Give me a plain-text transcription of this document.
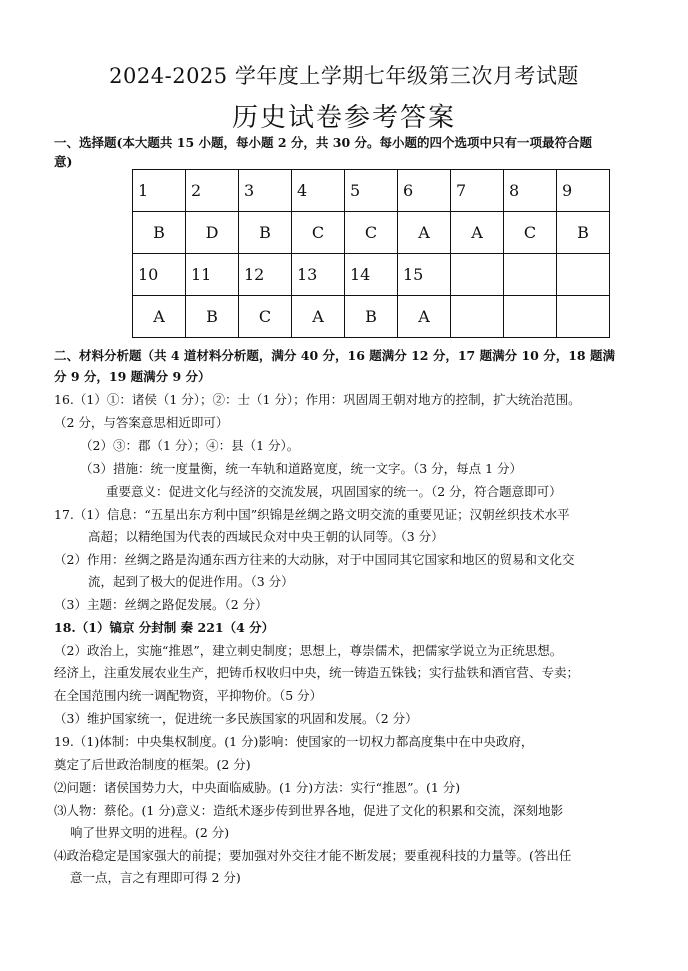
2024-2025 学年度上学期七年级第三次月考试题
历史试卷参考答案
一、选择题(本大题共 15 小题，每小题 2 分，共 30 分。每小题的四个选项中只有一项最符合题
意)
1	2	3	4	5	6	7	8	9
B	D	B	C	C	A	A	C	B
10	11	12	13	14	15			
A	B	C	A	B	A			
二、材料分析题（共 4 道材料分析题，满分 40 分，16 题满分 12 分，17 题满分 10 分，18 题满
分 9 分，19 题满分 9 分）
16.（1）①：诸侯（1 分）；②：士（1 分）；作用：巩固周王朝对地方的控制，扩大统治范围。
（2 分，与答案意思相近即可）
（2）③：郡（1 分）；④：县（1 分）。
（3）措施：统一度量衡，统一车轨和道路宽度，统一文字。（3 分，每点 1 分）
重要意义：促进文化与经济的交流发展，巩固国家的统一。（2 分，符合题意即可）
17.（1）信息：“五星出东方利中国”织锦是丝绸之路文明交流的重要见证；汉朝丝织技术水平
高超；以精绝国为代表的西域民众对中央王朝的认同等。（3 分）
（2）作用：丝绸之路是沟通东西方往来的大动脉，对于中国同其它国家和地区的贸易和文化交
流，起到了极大的促进作用。（3 分）
（3）主题：丝绸之路促发展。（2 分）
18.（1）镐京 分封制 秦 221（4 分）
（2）政治上，实施“推恩”，建立刺史制度；思想上，尊崇儒术，把儒家学说立为正统思想。
经济上，注重发展农业生产，把铸币权收归中央，统一铸造五铢钱；实行盐铁和酒官营、专卖；
在全国范围内统一调配物资，平抑物价。（5 分）
（3）维护国家统一，促进统一多民族国家的巩固和发展。（2 分）
19.（1)体制：中央集权制度。(1 分)影响：使国家的一切权力都高度集中在中央政府，
奠定了后世政治制度的框架。(2 分)
⑵问题：诸侯国势力大，中央面临威胁。(1 分)方法：实行“推恩”。(1 分)
⑶人物：蔡伦。(1 分)意义：造纸术逐步传到世界各地，促进了文化的积累和交流，深刻地影
响了世界文明的进程。(2 分)
⑷政治稳定是国家强大的前提；要加强对外交往才能不断发展；要重视科技的力量等。(答出任
意一点，言之有理即可得 2 分)
